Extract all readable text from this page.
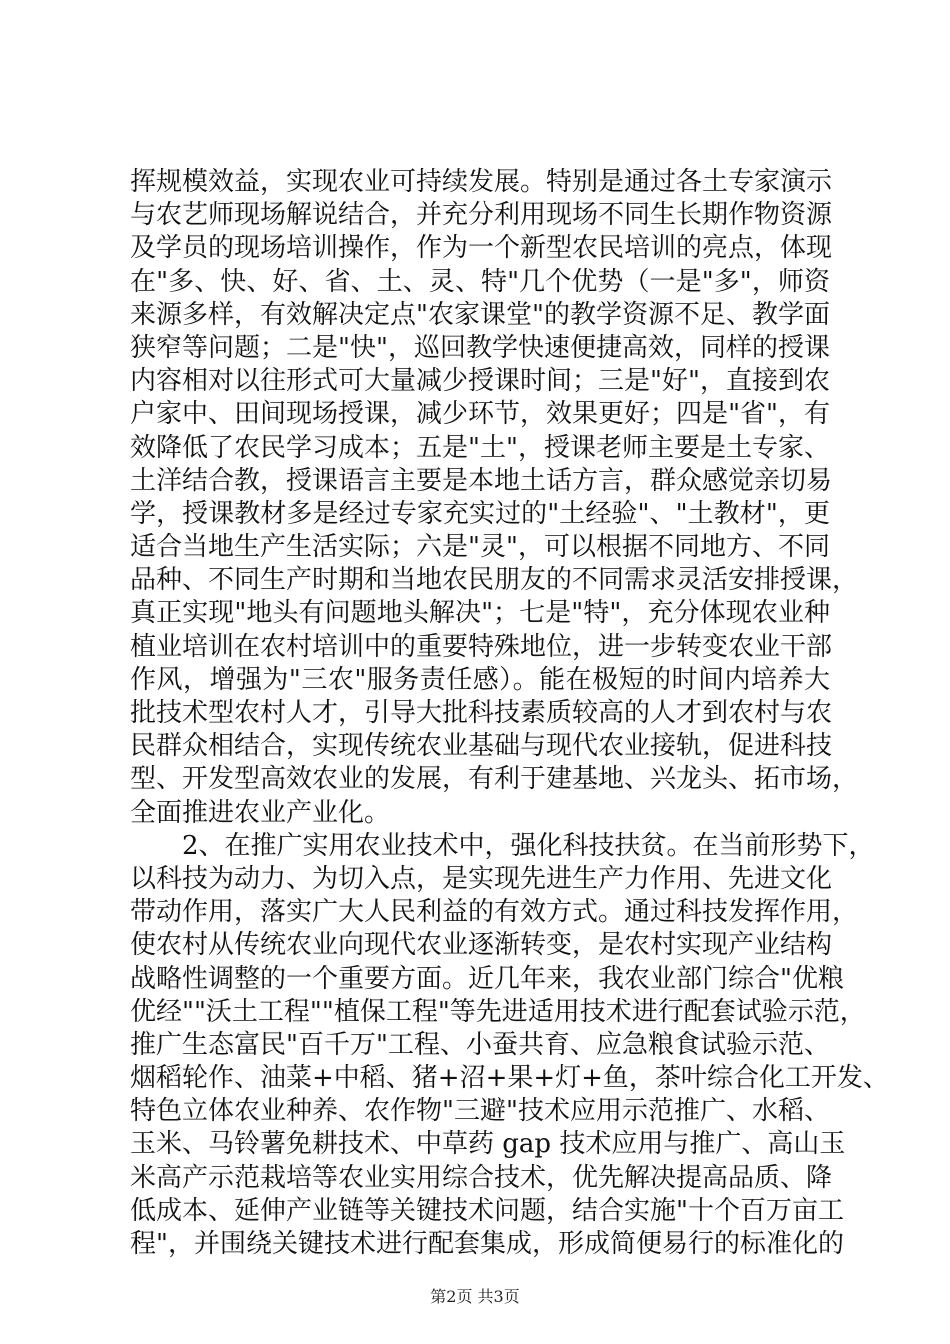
挥规模效益，实现农业可持续发展。特别是通过各土专家演示
与农艺师现场解说结合，并充分利用现场不同生长期作物资源
及学员的现场培训操作，作为一个新型农民培训的亮点，体现
在"多、快、好、省、土、灵、特"几个优势（一是"多"，师资
来源多样，有效解决定点"农家课堂"的教学资源不足、教学面
狭窄等问题；二是"快"，巡回教学快速便捷高效，同样的授课
内容相对以往形式可大量减少授课时间；三是"好"，直接到农
户家中、田间现场授课，减少环节，效果更好；四是"省"，有
效降低了农民学习成本；五是"土"，授课老师主要是土专家、
土洋结合教，授课语言主要是本地土话方言，群众感觉亲切易
学，授课教材多是经过专家充实过的"土经验"、"土教材"，更
适合当地生产生活实际；六是"灵"，可以根据不同地方、不同
品种、不同生产时期和当地农民朋友的不同需求灵活安排授课，
真正实现"地头有问题地头解决"；七是"特"，充分体现农业种
植业培训在农村培训中的重要特殊地位，进一步转变农业干部
作风，增强为"三农"服务责任感）。能在极短的时间内培养大
批技术型农村人才，引导大批科技素质较高的人才到农村与农
民群众相结合，实现传统农业基础与现代农业接轨，促进科技
型、开发型高效农业的发展，有利于建基地、兴龙头、拓市场，
全面推进农业产业化。
　　2、在推广实用农业技术中，强化科技扶贫。在当前形势下，
以科技为动力、为切入点，是实现先进生产力作用、先进文化
带动作用，落实广大人民利益的有效方式。通过科技发挥作用，
使农村从传统农业向现代农业逐渐转变，是农村实现产业结构
战略性调整的一个重要方面。近几年来，我农业部门综合"优粮
优经""沃土工程""植保工程"等先进适用技术进行配套试验示范，
推广生态富民"百千万"工程、小蚕共育、应急粮食试验示范、
烟稻轮作、油菜+中稻、猪+沼+果+灯+鱼，茶叶综合化工开发、
特色立体农业种养、农作物"三避"技术应用示范推广、水稻、
玉米、马铃薯免耕技术、中草药 gap 技术应用与推广、高山玉
米高产示范栽培等农业实用综合技术，优先解决提高品质、降
低成本、延伸产业链等关键技术问题，结合实施"十个百万亩工
程"，并围绕关键技术进行配套集成，形成简便易行的标准化的
第2页 共3页
